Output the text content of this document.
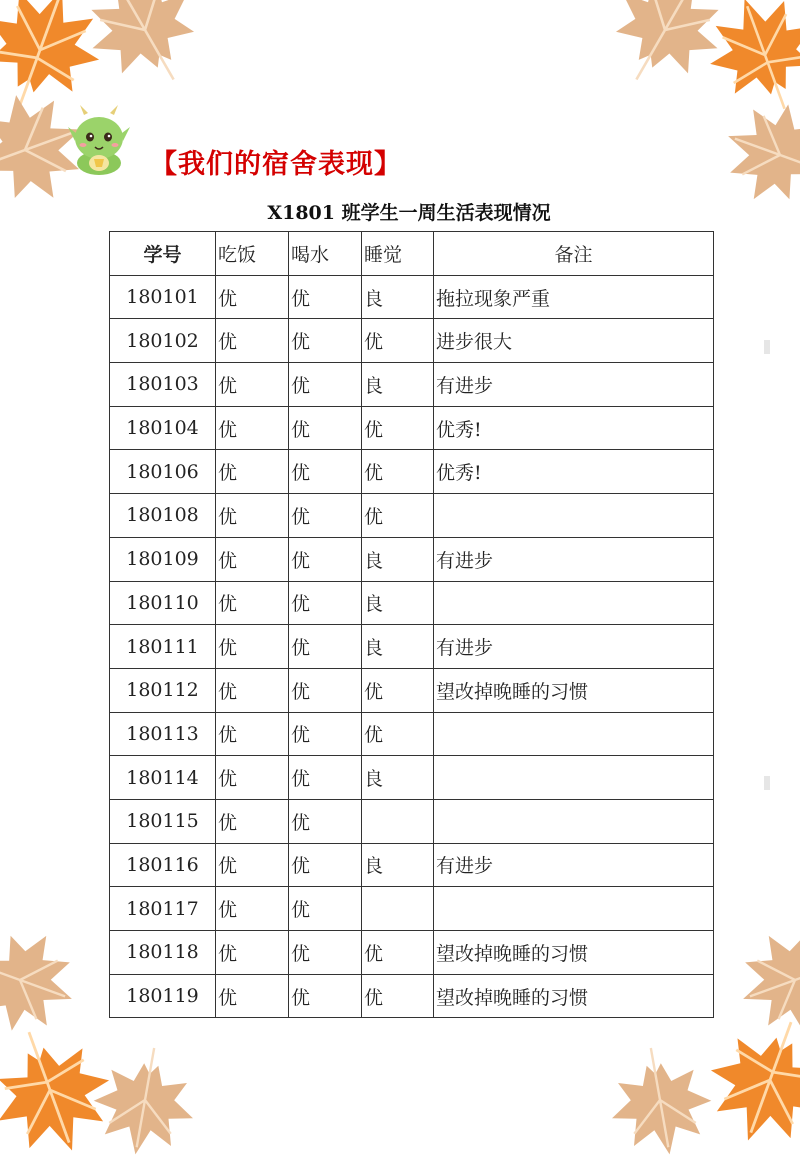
【我们的宿舍表现】
X1801 班学生一周生活表现情况
学号	吃饭	喝水	睡觉	备注
180101	优	优	良	拖拉现象严重
180102	优	优	优	进步很大
180103	优	优	良	有进步
180104	优	优	优	优秀!
180106	优	优	优	优秀!
180108	优	优	优	
180109	优	优	良	有进步
180110	优	优	良	
180111	优	优	良	有进步
180112	优	优	优	望改掉晚睡的习惯
180113	优	优	优	
180114	优	优	良	
180115	优	优		
180116	优	优	良	有进步
180117	优	优		
180118	优	优	优	望改掉晚睡的习惯
180119	优	优	优	望改掉晚睡的习惯
